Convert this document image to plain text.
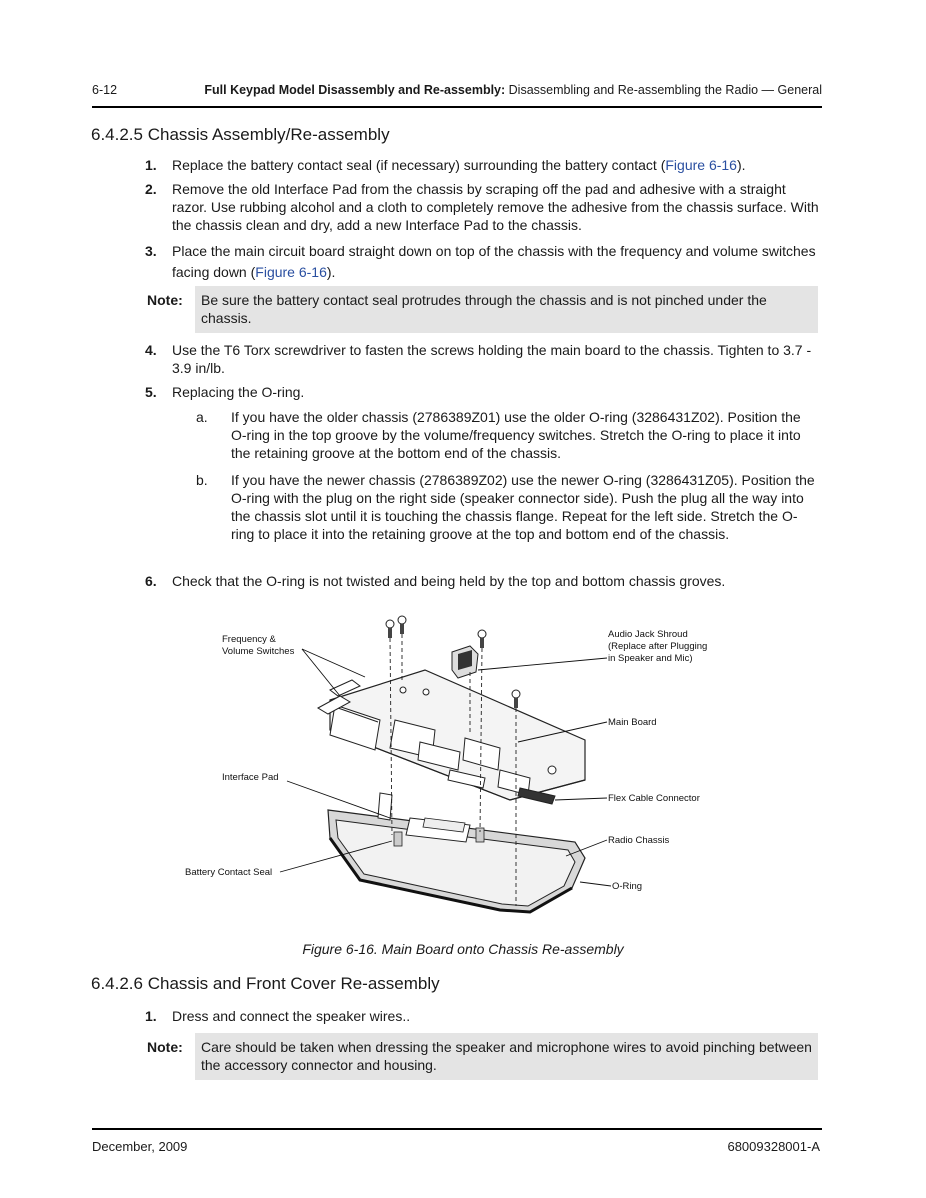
6-12	Full Keypad Model Disassembly and Re-assembly: Disassembling and Re-assembling the Radio — General
6.4.2.5 Chassis Assembly/Re-assembly
1. Replace the battery contact seal (if necessary) surrounding the battery contact (Figure 6-16).
2. Remove the old Interface Pad from the chassis by scraping off the pad and adhesive with a straight razor. Use rubbing alcohol and a cloth to completely remove the adhesive from the chassis surface. With the chassis clean and dry, add a new Interface Pad to the chassis.
3. Place the main circuit board straight down on top of the chassis with the frequency and volume switches facing down (Figure 6-16).
Note:	Be sure the battery contact seal protrudes through the chassis and is not pinched under the chassis.
4. Use the T6 Torx screwdriver to fasten the screws holding the main board to the chassis. Tighten to 3.7 - 3.9 in/lb.
5. Replacing the O-ring.
a. If you have the older chassis (2786389Z01) use the older O-ring (3286431Z02). Position the O-ring in the top groove by the volume/frequency switches. Stretch the O-ring to place it into the retaining groove at the bottom end of the chassis.
b. If you have the newer chassis (2786389Z02) use the newer O-ring (3286431Z05). Position the O-ring with the plug on the right side (speaker connector side). Push the plug all the way into the chassis slot until it is touching the chassis flange. Repeat for the left side. Stretch the O-ring to place it into the retaining groove at the top and bottom end of the chassis.
6. Check that the O-ring is not twisted and being held by the top and bottom chassis groves.
Frequency &
Volume Switches
Audio Jack Shroud
(Replace after Plugging
in Speaker and Mic)
Main Board
Interface Pad
Flex Cable Connector
Radio Chassis
Battery Contact Seal
O-Ring
Figure 6-16. Main Board onto Chassis Re-assembly
6.4.2.6 Chassis and Front Cover Re-assembly
1. Dress and connect the speaker wires..
Note:	Care should be taken when dressing the speaker and microphone wires to avoid pinching between the accessory connector and housing.
December, 2009	68009328001-A
